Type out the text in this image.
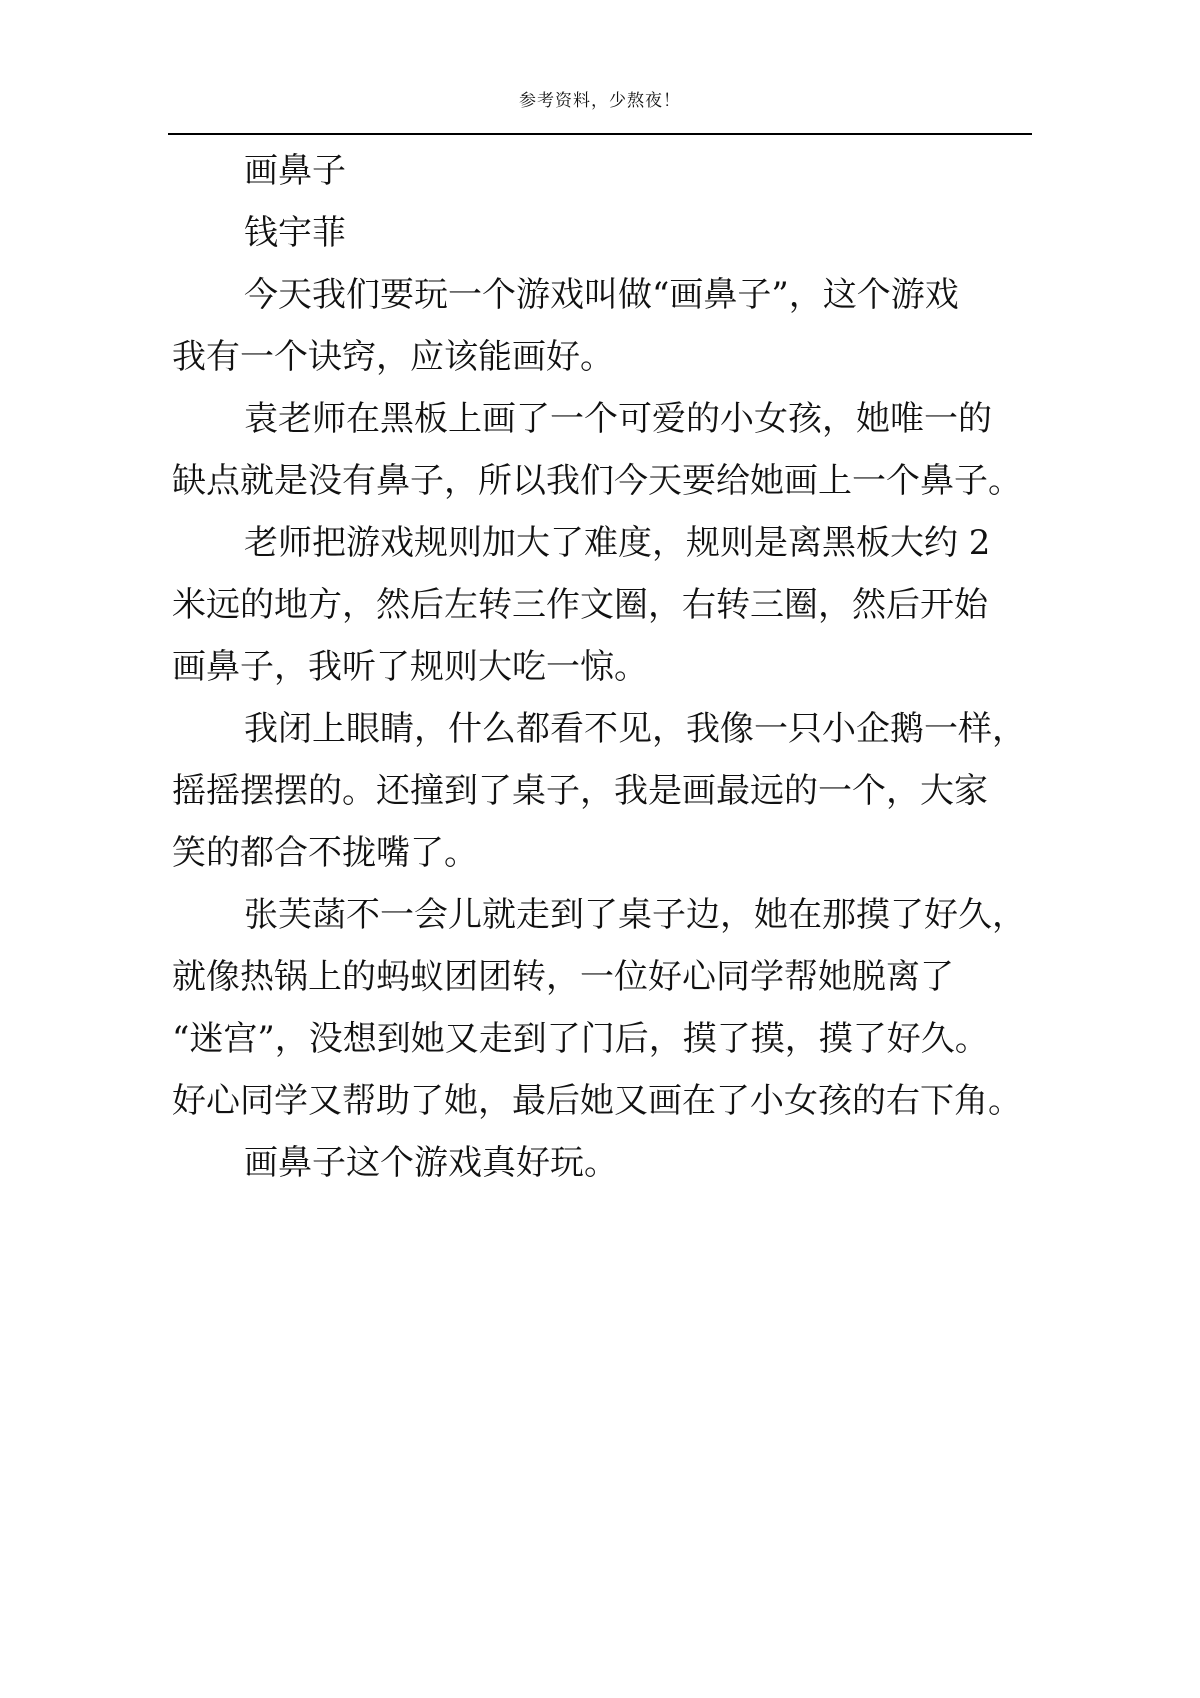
参考资料，少熬夜！
画鼻子
钱宇菲
今天我们要玩一个游戏叫做“画鼻子”，这个游戏
我有一个诀窍，应该能画好。
袁老师在黑板上画了一个可爱的小女孩，她唯一的
缺点就是没有鼻子，所以我们今天要给她画上一个鼻子。
老师把游戏规则加大了难度，规则是离黑板大约 2
米远的地方，然后左转三作文圈，右转三圈，然后开始
画鼻子，我听了规则大吃一惊。
我闭上眼睛，什么都看不见，我像一只小企鹅一样，
摇摇摆摆的。还撞到了桌子，我是画最远的一个，大家
笑的都合不拢嘴了。
张芙菡不一会儿就走到了桌子边，她在那摸了好久，
就像热锅上的蚂蚁团团转，一位好心同学帮她脱离了
“迷宫”，没想到她又走到了门后，摸了摸，摸了好久。
好心同学又帮助了她，最后她又画在了小女孩的右下角。
画鼻子这个游戏真好玩。
